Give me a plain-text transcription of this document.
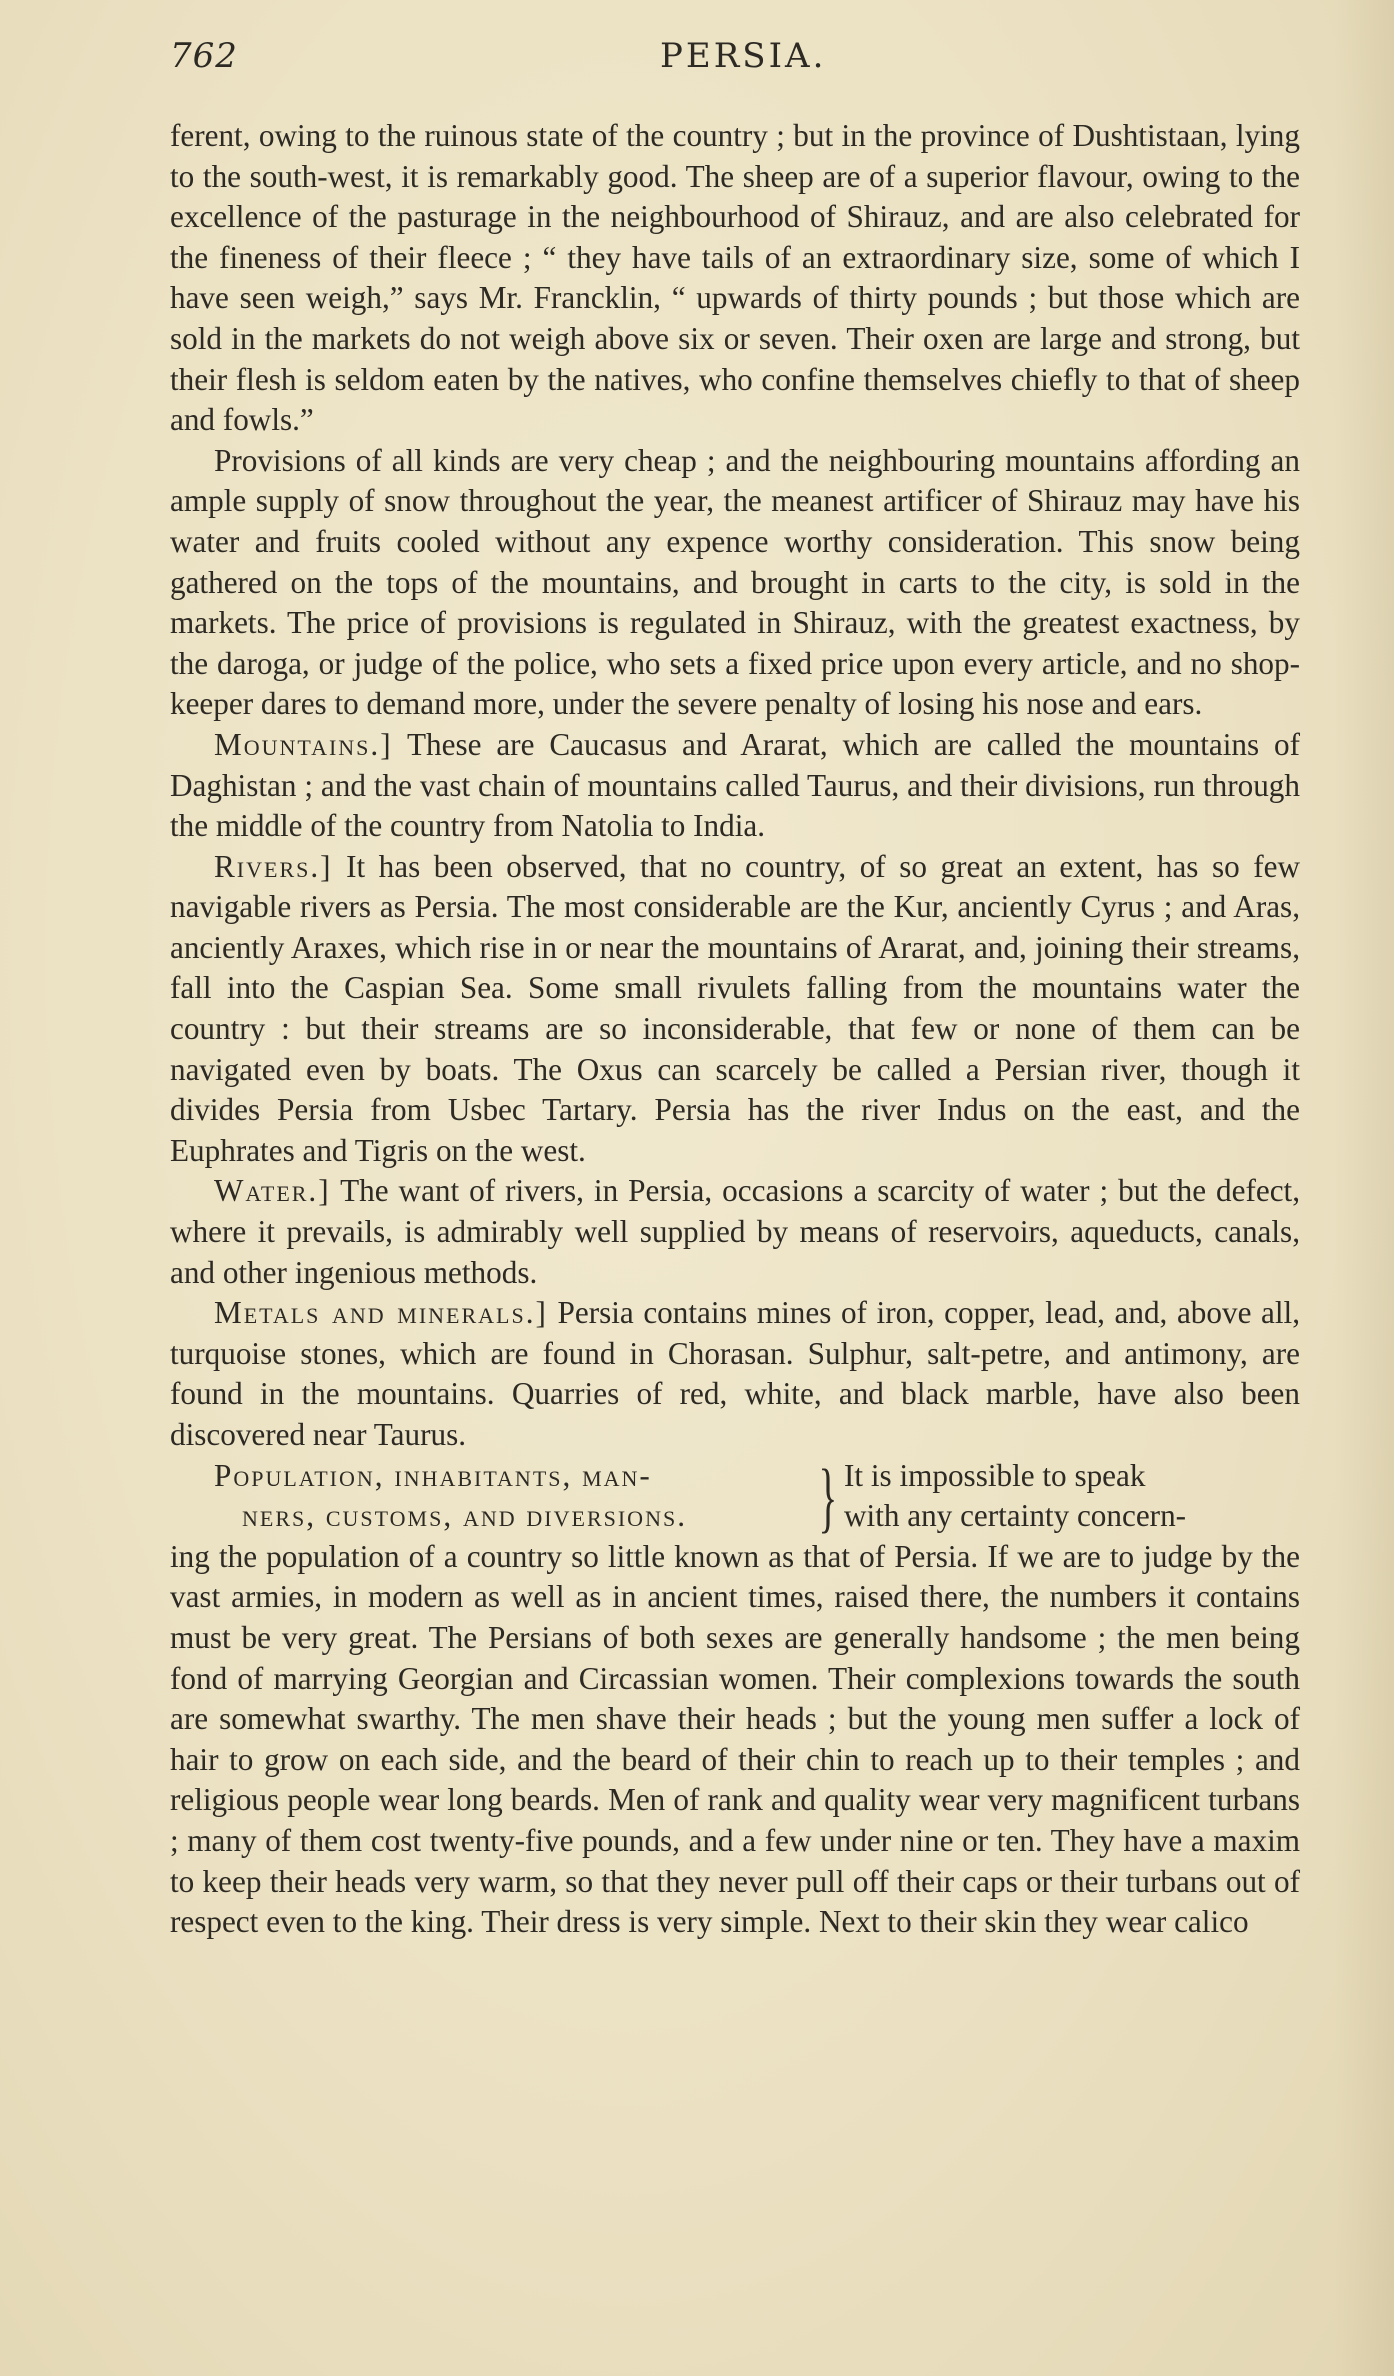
762	PERSIA.

ferent, owing to the ruinous state of the country ; but in the province of Dushtistaan, lying to the south-west, it is remarkably good. The sheep are of a superior flavour, owing to the excellence of the pasturage in the neighbourhood of Shirauz, and are also celebrated for the fineness of their fleece ; “ they have tails of an extraordinary size, some of which I have seen weigh,” says Mr. Francklin, “ upwards of thirty pounds ; but those which are sold in the markets do not weigh above six or seven. Their oxen are large and strong, but their flesh is seldom eaten by the natives, who confine themselves chiefly to that of sheep and fowls.”

Provisions of all kinds are very cheap ; and the neighbouring mountains affording an ample supply of snow throughout the year, the meanest artificer of Shirauz may have his water and fruits cooled without any expence worthy consideration. This snow being gathered on the tops of the mountains, and brought in carts to the city, is sold in the markets. The price of provisions is regulated in Shirauz, with the greatest exactness, by the daroga, or judge of the police, who sets a fixed price upon every article, and no shop-keeper dares to demand more, under the severe penalty of losing his nose and ears.

Mountains.] These are Caucasus and Ararat, which are called the mountains of Daghistan ; and the vast chain of mountains called Taurus, and their divisions, run through the middle of the country from Natolia to India.

Rivers.] It has been observed, that no country, of so great an extent, has so few navigable rivers as Persia. The most considerable are the Kur, anciently Cyrus ; and Aras, anciently Araxes, which rise in or near the mountains of Ararat, and, joining their streams, fall into the Caspian Sea. Some small rivulets falling from the mountains water the country : but their streams are so inconsiderable, that few or none of them can be navigated even by boats. The Oxus can scarcely be called a Persian river, though it divides Persia from Usbec Tartary. Persia has the river Indus on the east, and the Euphrates and Tigris on the west.

Water.] The want of rivers, in Persia, occasions a scarcity of water ; but the defect, where it prevails, is admirably well supplied by means of reservoirs, aqueducts, canals, and other ingenious methods.

Metals and minerals.] Persia contains mines of iron, copper, lead, and, above all, turquoise stones, which are found in Chorasan. Sulphur, salt-petre, and antimony, are found in the mountains. Quarries of red, white, and black marble, have also been discovered near Taurus.

Population, inhabitants, man-
ners, customs, and diversions.	} It is impossible to speak
with any certainty concern-

ing the population of a country so little known as that of Persia. If we are to judge by the vast armies, in modern as well as in ancient times, raised there, the numbers it contains must be very great. The Persians of both sexes are generally handsome ; the men being fond of marrying Georgian and Circassian women. Their complexions towards the south are somewhat swarthy. The men shave their heads ; but the young men suffer a lock of hair to grow on each side, and the beard of their chin to reach up to their temples ; and religious people wear long beards. Men of rank and quality wear very magnificent turbans ; many of them cost twenty-five pounds, and a few under nine or ten. They have a maxim to keep their heads very warm, so that they never pull off their caps or their turbans out of respect even to the king. Their dress is very simple. Next to their skin they wear calico
